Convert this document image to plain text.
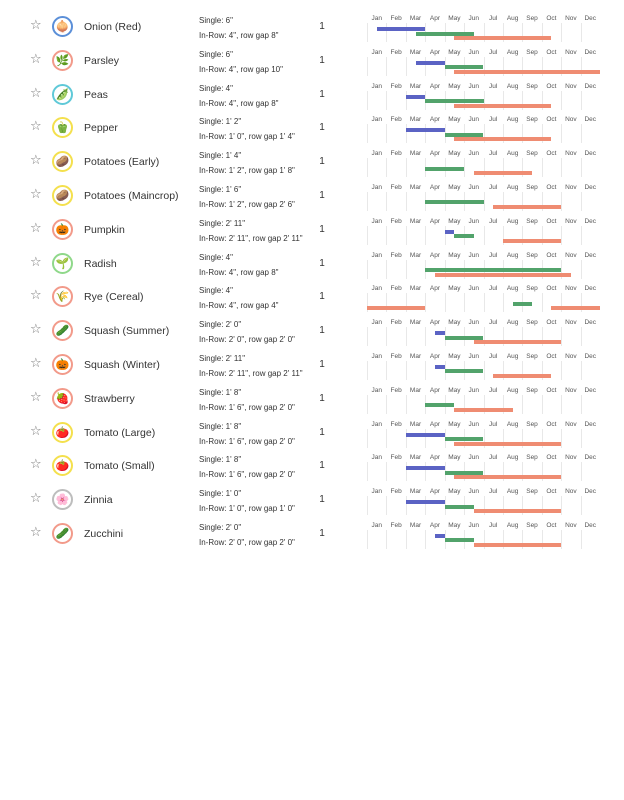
☆	🧅	Onion (Red)
Single: 6"
In-Row: 4", row gap 8"
1
Jan	Feb	Mar	Apr	May	Jun	Jul	Aug	Sep	Oct	Nov	Dec
☆	🌿	Parsley
Single: 6"
In-Row: 4", row gap 10"
1
Jan	Feb	Mar	Apr	May	Jun	Jul	Aug	Sep	Oct	Nov	Dec
☆	🫛	Peas
Single: 4"
In-Row: 4", row gap 8"
1
Jan	Feb	Mar	Apr	May	Jun	Jul	Aug	Sep	Oct	Nov	Dec
☆	🫑	Pepper
Single: 1' 2"
In-Row: 1' 0", row gap 1' 4"
1
Jan	Feb	Mar	Apr	May	Jun	Jul	Aug	Sep	Oct	Nov	Dec
☆	🥔	Potatoes (Early)
Single: 1' 4"
In-Row: 1' 2", row gap 1' 8"
1
Jan	Feb	Mar	Apr	May	Jun	Jul	Aug	Sep	Oct	Nov	Dec
☆	🥔	Potatoes (Maincrop)
Single: 1' 6"
In-Row: 1' 2", row gap 2' 6"
1
Jan	Feb	Mar	Apr	May	Jun	Jul	Aug	Sep	Oct	Nov	Dec
☆	🎃	Pumpkin
Single: 2' 11"
In-Row: 2' 11", row gap 2' 11"
1
Jan	Feb	Mar	Apr	May	Jun	Jul	Aug	Sep	Oct	Nov	Dec
☆	🌱	Radish
Single: 4"
In-Row: 4", row gap 8"
1
Jan	Feb	Mar	Apr	May	Jun	Jul	Aug	Sep	Oct	Nov	Dec
☆	🌾	Rye (Cereal)
Single: 4"
In-Row: 4", row gap 4"
1
Jan	Feb	Mar	Apr	May	Jun	Jul	Aug	Sep	Oct	Nov	Dec
☆	🥒	Squash (Summer)
Single: 2' 0"
In-Row: 2' 0", row gap 2' 0"
1
Jan	Feb	Mar	Apr	May	Jun	Jul	Aug	Sep	Oct	Nov	Dec
☆	🎃	Squash (Winter)
Single: 2' 11"
In-Row: 2' 11", row gap 2' 11"
1
Jan	Feb	Mar	Apr	May	Jun	Jul	Aug	Sep	Oct	Nov	Dec
☆	🍓	Strawberry
Single: 1' 8"
In-Row: 1' 6", row gap 2' 0"
1
Jan	Feb	Mar	Apr	May	Jun	Jul	Aug	Sep	Oct	Nov	Dec
☆	🍅	Tomato (Large)
Single: 1' 8"
In-Row: 1' 6", row gap 2' 0"
1
Jan	Feb	Mar	Apr	May	Jun	Jul	Aug	Sep	Oct	Nov	Dec
☆	🍅	Tomato (Small)
Single: 1' 8"
In-Row: 1' 6", row gap 2' 0"
1
Jan	Feb	Mar	Apr	May	Jun	Jul	Aug	Sep	Oct	Nov	Dec
☆	🌸	Zinnia
Single: 1' 0"
In-Row: 1' 0", row gap 1' 0"
1
Jan	Feb	Mar	Apr	May	Jun	Jul	Aug	Sep	Oct	Nov	Dec
☆	🥒	Zucchini
Single: 2' 0"
In-Row: 2' 0", row gap 2' 0"
1
Jan	Feb	Mar	Apr	May	Jun	Jul	Aug	Sep	Oct	Nov	Dec
